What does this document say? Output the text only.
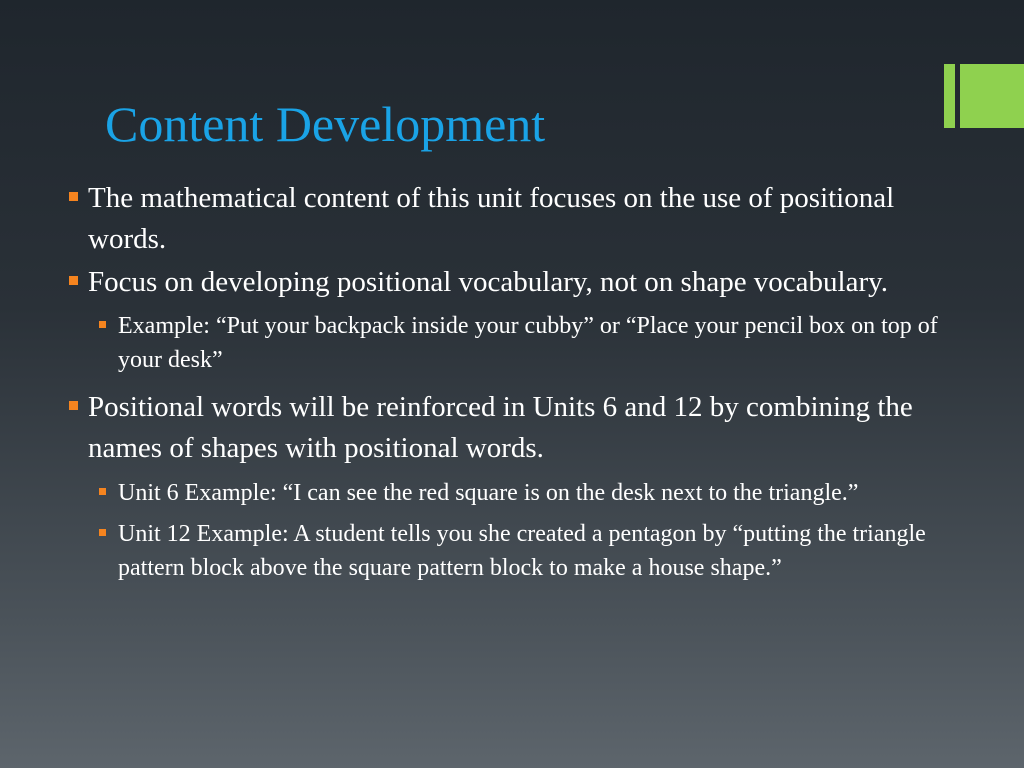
Content Development
The mathematical content of this unit focuses on the use of positional words.
Focus on developing positional vocabulary, not on shape vocabulary.
Example: “Put your backpack inside your cubby” or “Place your pencil box on top of your desk”
Positional words will be reinforced in Units 6 and 12 by combining the names of shapes with positional words.
Unit 6 Example: “I can see the red square is on the desk next to the triangle.”
Unit 12 Example: A student tells you she created a pentagon by “putting the triangle pattern block above the square pattern block to make a house shape.”
